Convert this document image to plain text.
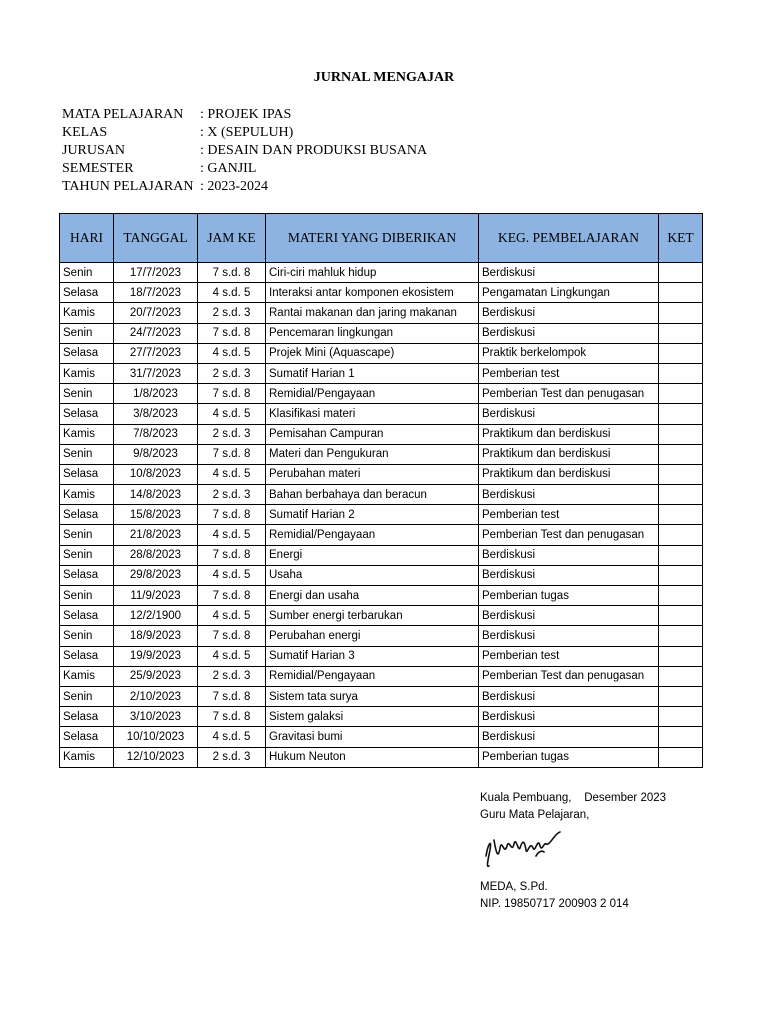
JURNAL MENGAJAR
MATA PELAJARAN	: PROJEK IPAS
KELAS	: X (SEPULUH)
JURUSAN	: DESAIN DAN PRODUKSI BUSANA
SEMESTER	: GANJIL
TAHUN PELAJARAN : 2023-2024
HARI	TANGGAL	JAM KE	MATERI YANG DIBERIKAN	KEG. PEMBELAJARAN	KET
Senin	17/7/2023	7 s.d. 8	Ciri-ciri mahluk hidup	Berdiskusi	
Selasa	18/7/2023	4 s.d. 5	Interaksi antar komponen ekosistem	Pengamatan Lingkungan	
Kamis	20/7/2023	2 s.d. 3	Rantai makanan dan jaring makanan	Berdiskusi	
Senin	24/7/2023	7 s.d. 8	Pencemaran lingkungan	Berdiskusi	
Selasa	27/7/2023	4 s.d. 5	Projek Mini (Aquascape)	Praktik berkelompok	
Kamis	31/7/2023	2 s.d. 3	Sumatif Harian 1	Pemberian test	
Senin	1/8/2023	7 s.d. 8	Remidial/Pengayaan	Pemberian Test dan penugasan	
Selasa	3/8/2023	4 s.d. 5	Klasifikasi materi	Berdiskusi	
Kamis	7/8/2023	2 s.d. 3	Pemisahan Campuran	Praktikum dan berdiskusi	
Senin	9/8/2023	7 s.d. 8	Materi dan Pengukuran	Praktikum dan berdiskusi	
Selasa	10/8/2023	4 s.d. 5	Perubahan materi	Praktikum dan berdiskusi	
Kamis	14/8/2023	2 s.d. 3	Bahan berbahaya dan beracun	Berdiskusi	
Selasa	15/8/2023	7 s.d. 8	Sumatif Harian 2	Pemberian test	
Senin	21/8/2023	4 s.d. 5	Remidial/Pengayaan	Pemberian Test dan penugasan	
Senin	28/8/2023	7 s.d. 8	Energi	Berdiskusi	
Selasa	29/8/2023	4 s.d. 5	Usaha	Berdiskusi	
Senin	11/9/2023	7 s.d. 8	Energi dan usaha	Pemberian tugas	
Selasa	12/2/1900	4 s.d. 5	Sumber energi terbarukan	Berdiskusi	
Senin	18/9/2023	7 s.d. 8	Perubahan energi	Berdiskusi	
Selasa	19/9/2023	4 s.d. 5	Sumatif Harian 3	Pemberian test	
Kamis	25/9/2023	2 s.d. 3	Remidial/Pengayaan	Pemberian Test dan penugasan	
Senin	2/10/2023	7 s.d. 8	Sistem tata surya	Berdiskusi	
Selasa	3/10/2023	7 s.d. 8	Sistem galaksi	Berdiskusi	
Selasa	10/10/2023	4 s.d. 5	Gravitasi bumi	Berdiskusi	
Kamis	12/10/2023	2 s.d. 3	Hukum Neuton	Pemberian tugas	
Kuala Pembuang,    Desember 2023
Guru Mata Pelajaran,
MEDA, S.Pd.
NIP. 19850717 200903 2 014
